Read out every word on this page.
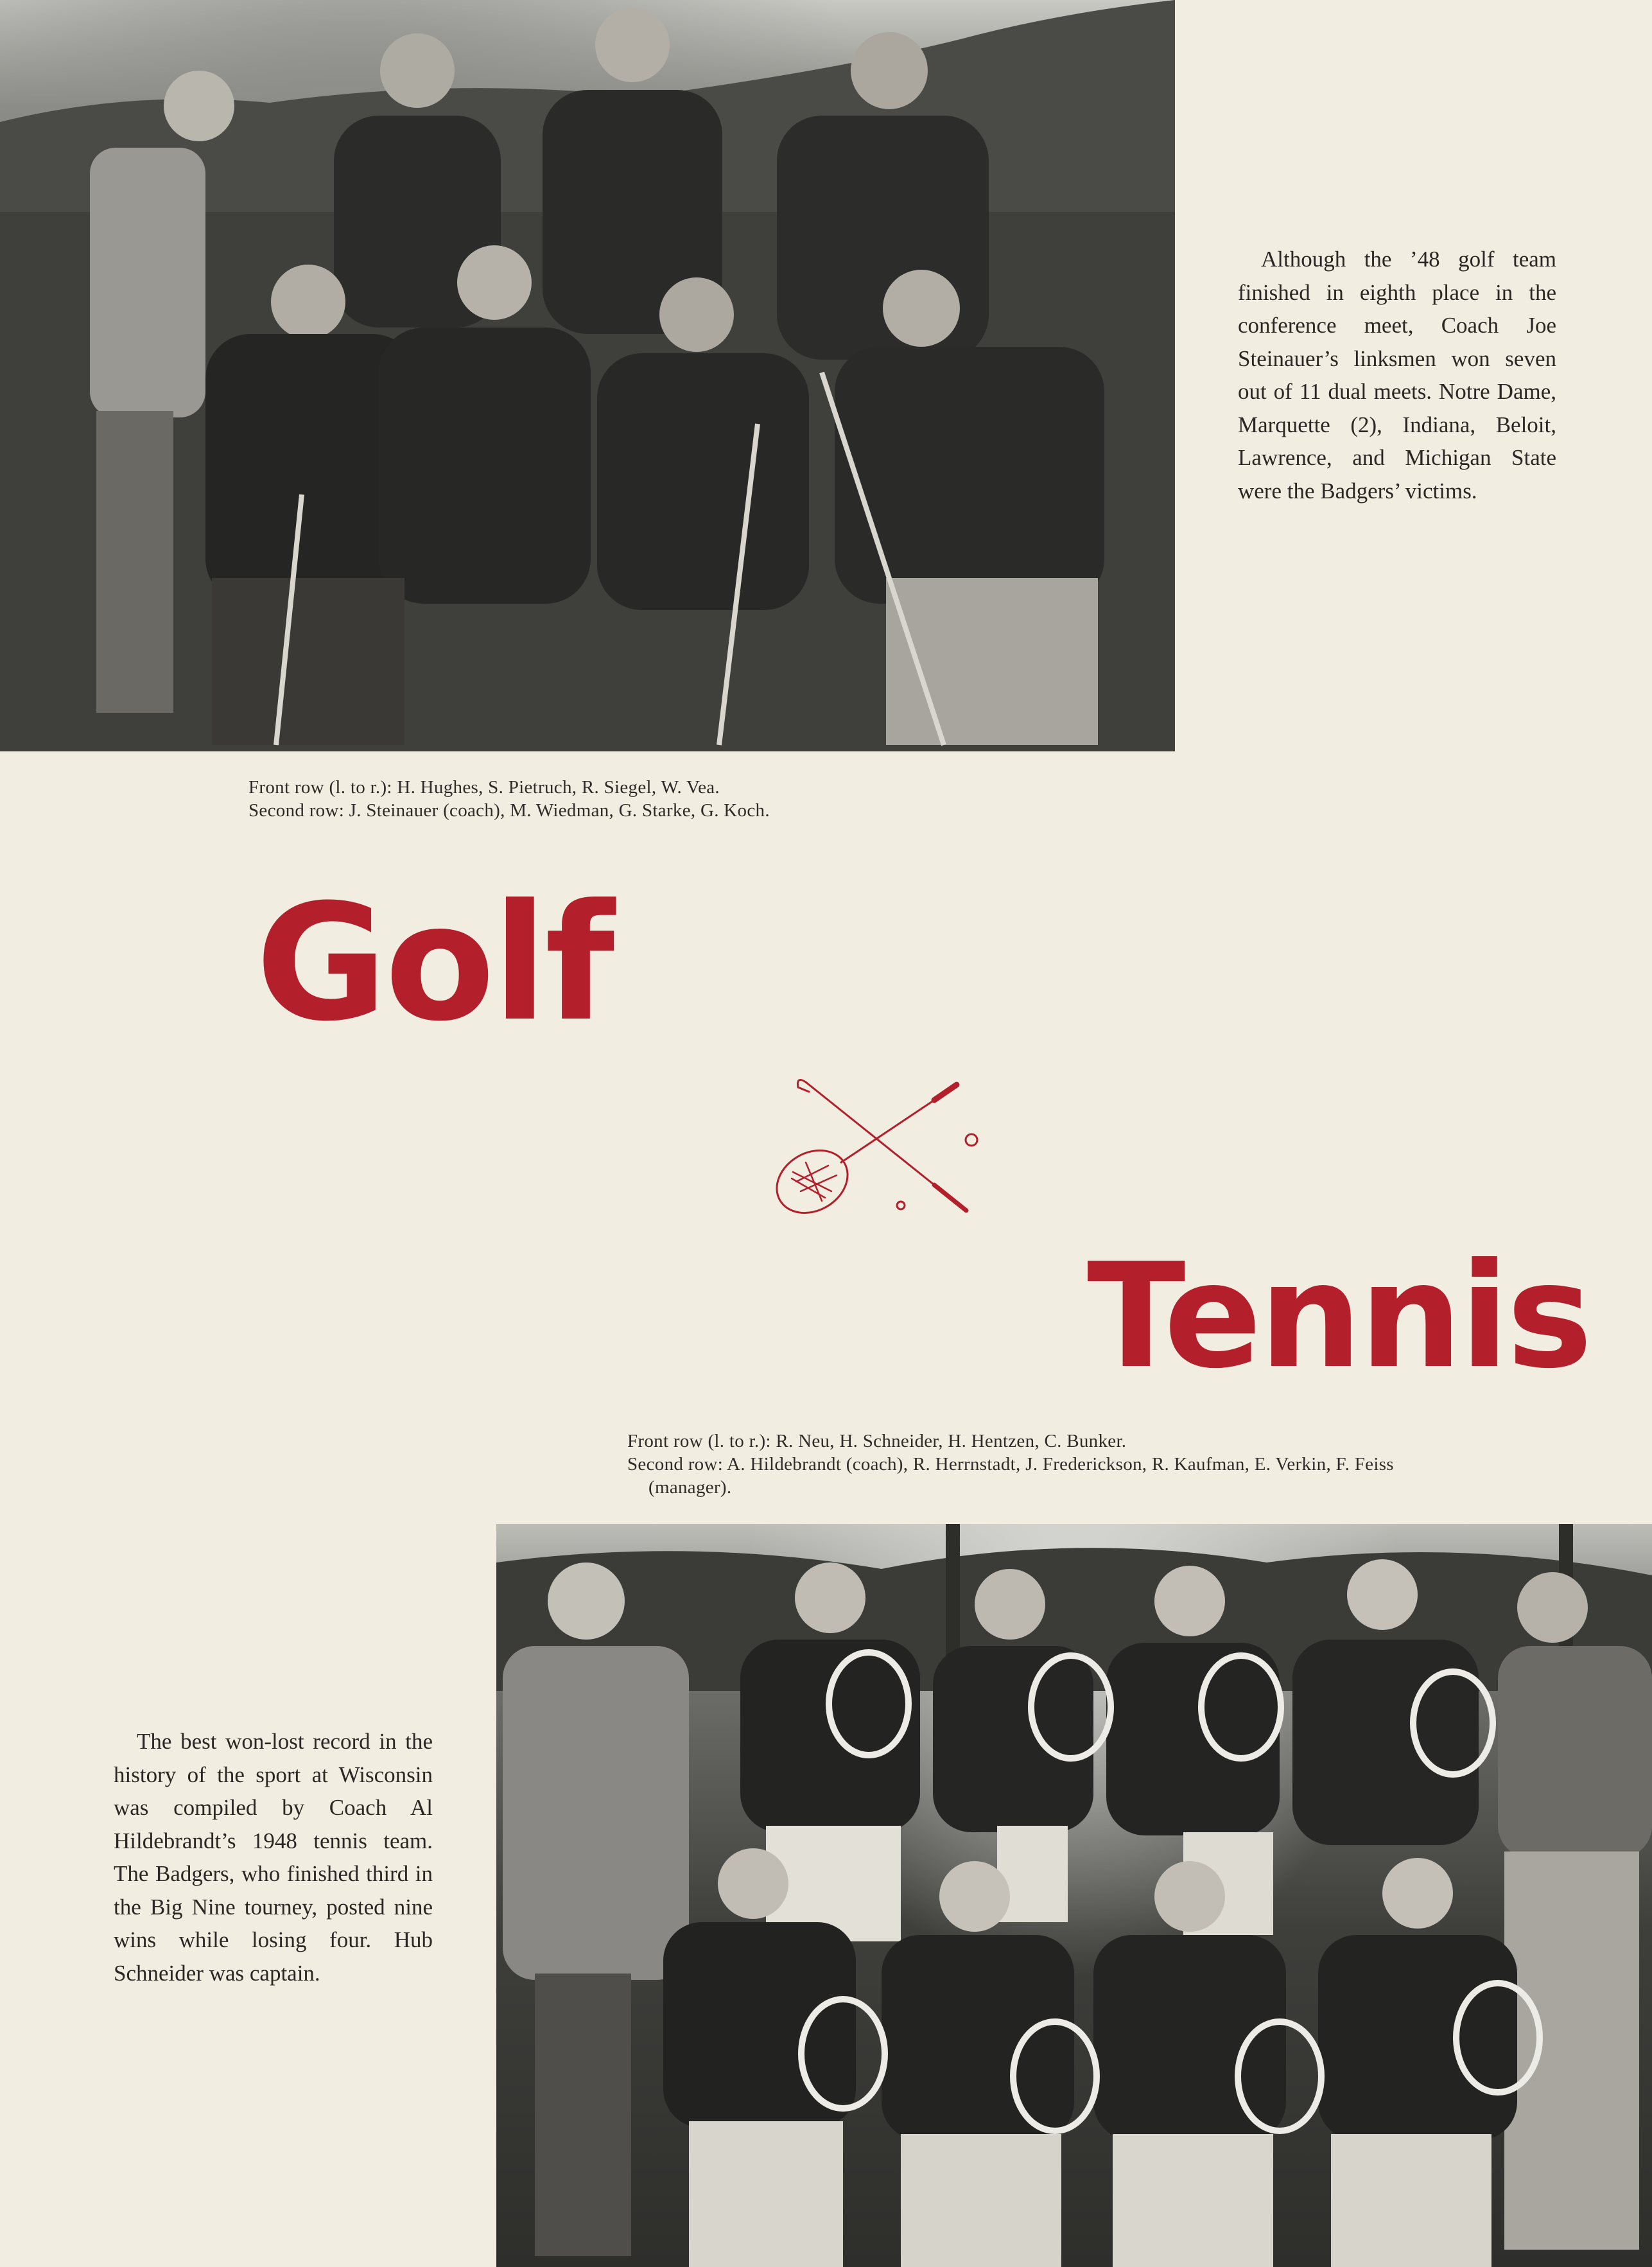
Front row (l. to r.): H. Hughes, S. Pietruch, R. Siegel, W. Vea.
Second row: J. Steinauer (coach), M. Wiedman, G. Starke, G. Koch.

Although the ’48 golf team finished in eighth place in the conference meet, Coach Joe Steinauer’s linksmen won seven out of 11 dual meets. Notre Dame, Marquette (2), Indiana, Beloit, Lawrence, and Michigan State were the Badgers’ victims.

Golf
Tennis
Front row (l. to r.): R. Neu, H. Schneider, H. Hentzen, C. Bunker.
Second row: A. Hildebrandt (coach), R. Herrnstadt, J. Frederickson, R. Kaufman, E. Verkin, F. Feiss
(manager).

The best won-lost record in the history of the sport at Wisconsin was compiled by Coach Al Hildebrandt’s 1948 tennis team. The Badgers, who finished third in the Big Nine tourney, posted nine wins while losing four. Hub Schneider was captain.
